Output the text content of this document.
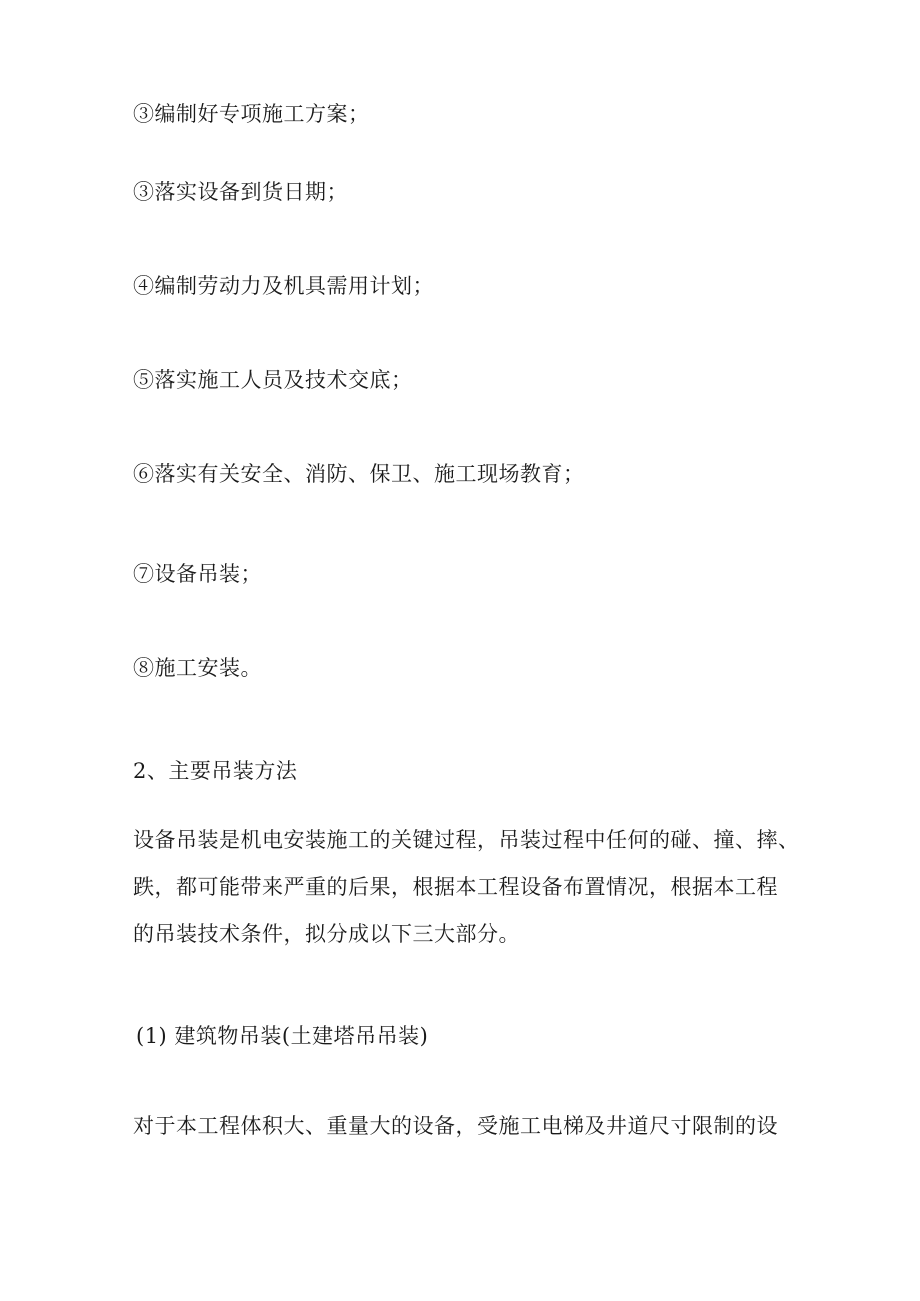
③编制好专项施工方案；
③落实设备到货日期；
④编制劳动力及机具需用计划；
⑤落实施工人员及技术交底；
⑥落实有关安全、消防、保卫、施工现场教育；
⑦设备吊装；
⑧施工安装。
2、主要吊装方法
设备吊装是机电安装施工的关键过程，吊装过程中任何的碰、撞、摔、
跌，都可能带来严重的后果，根据本工程设备布置情况，根据本工程
的吊装技术条件，拟分成以下三大部分。
(1) 建筑物吊装(土建塔吊吊装)
对于本工程体积大、重量大的设备，受施工电梯及井道尺寸限制的设
